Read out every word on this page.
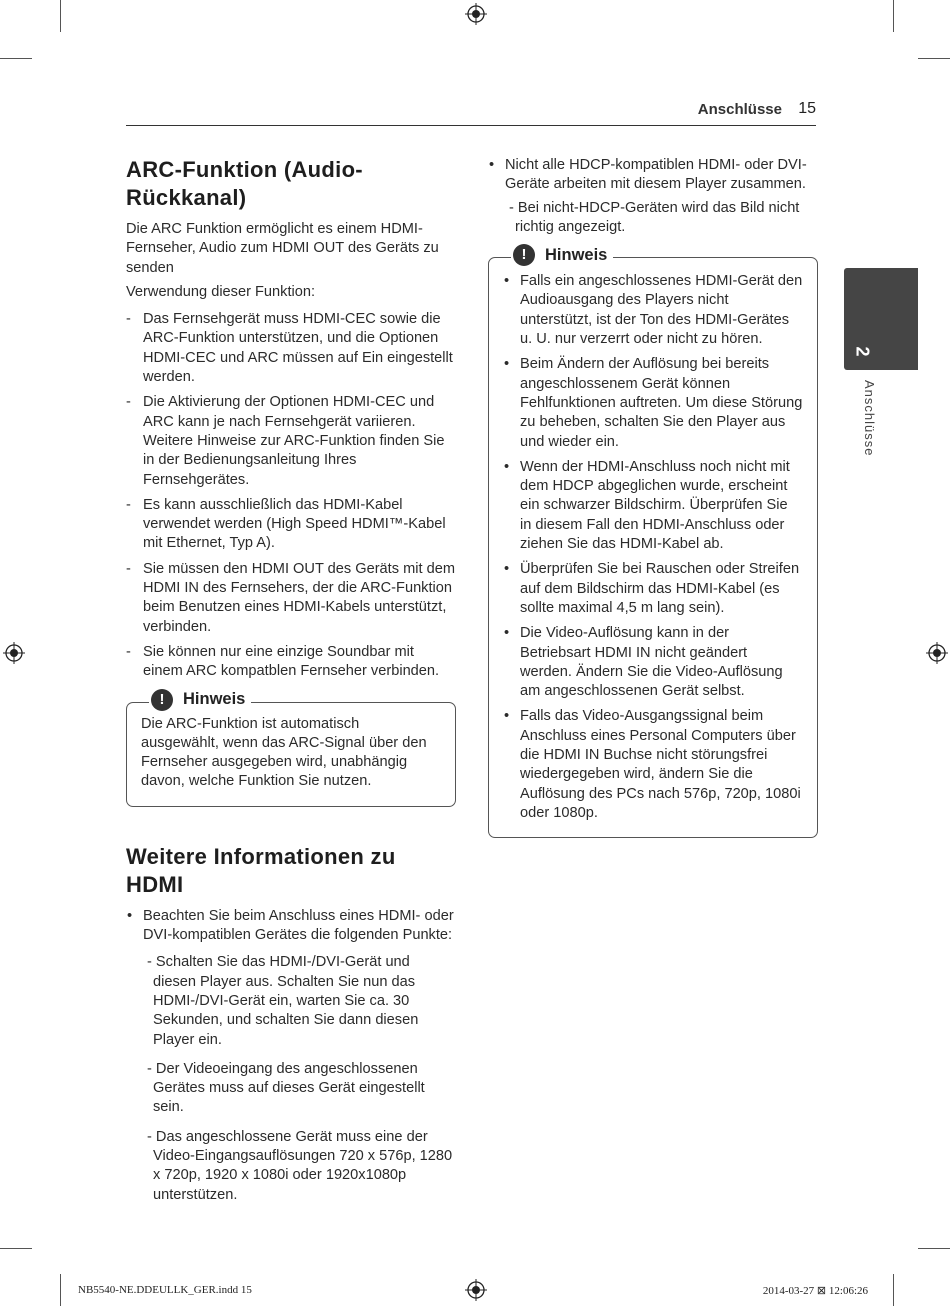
Anschlüsse 15
ARC-Funktion (Audio-Rückkanal)

Die ARC Funktion ermöglicht es einem HDMI-Fernseher, Audio zum HDMI OUT des Geräts zu senden

Verwendung dieser Funktion:

- Das Fernsehgerät muss HDMI-CEC sowie die ARC-Funktion unterstützen, und die Optionen HDMI-CEC und ARC müssen auf Ein eingestellt werden.
- Die Aktivierung der Optionen HDMI-CEC und ARC kann je nach Fernsehgerät variieren. Weitere Hinweise zur ARC-Funktion finden Sie in der Bedienungsanleitung Ihres Fernsehgerätes.
- Es kann ausschließlich das HDMI-Kabel verwendet werden (High Speed HDMI™-Kabel mit Ethernet, Typ A).
- Sie müssen den HDMI OUT des Geräts mit dem HDMI IN des Fernsehers, der die ARC-Funktion beim Benutzen eines HDMI-Kabels unterstützt, verbinden.
- Sie können nur eine einzige Soundbar mit einem ARC kompatblen Fernseher verbinden.
!	Hinweis

Die ARC-Funktion ist automatisch ausgewählt, wenn das ARC-Signal über den Fernseher ausgegeben wird, unabhängig davon, welche Funktion Sie nutzen.

Weitere Informationen zu HDMI
• Beachten Sie beim Anschluss eines HDMI- oder DVI-kompatiblen Gerätes die folgenden Punkte:
- Schalten Sie das HDMI-/DVI-Gerät und diesen Player aus. Schalten Sie nun das HDMI-/DVI-Gerät ein, warten Sie ca. 30 Sekunden, und schalten Sie dann diesen Player ein.
- Der Videoeingang des angeschlossenen Gerätes muss auf dieses Gerät eingestellt sein.
- Das angeschlossene Gerät muss eine der Video-Eingangsauflösungen 720 x 576p, 1280 x 720p, 1920 x 1080i oder 1920x1080p unterstützen.
• Nicht alle HDCP-kompatiblen HDMI- oder DVI-Geräte arbeiten mit diesem Player zusammen.
- Bei nicht-HDCP-Geräten wird das Bild nicht richtig angezeigt.
!	Hinweis
• Falls ein angeschlossenes HDMI-Gerät den Audioausgang des Players nicht unterstützt, ist der Ton des HDMI-Gerätes u. U. nur verzerrt oder nicht zu hören.
• Beim Ändern der Auflösung bei bereits angeschlossenem Gerät können Fehlfunktionen auftreten. Um diese Störung zu beheben, schalten Sie den Player aus und wieder ein.
• Wenn der HDMI-Anschluss noch nicht mit dem HDCP abgeglichen wurde, erscheint ein schwarzer Bildschirm. Überprüfen Sie in diesem Fall den HDMI-Anschluss oder ziehen Sie das HDMI-Kabel ab.
• Überprüfen Sie bei Rauschen oder Streifen auf dem Bildschirm das HDMI-Kabel (es sollte maximal 4,5 m lang sein).
• Die Video-Auflösung kann in der Betriebsart HDMI IN nicht geändert werden. Ändern Sie die Video-Auflösung am angeschlossenen Gerät selbst.
• Falls das Video-Ausgangssignal beim Anschluss eines Personal Computers über die HDMI IN Buchse nicht störungsfrei wiedergegeben wird, ändern Sie die Auflösung des PCs nach 576p, 720p, 1080i oder 1080p.
2
Anschlüsse
NB5540-NE.DDEULLK_GER.indd 15	2014-03-27 ⊠ 12:06:26
